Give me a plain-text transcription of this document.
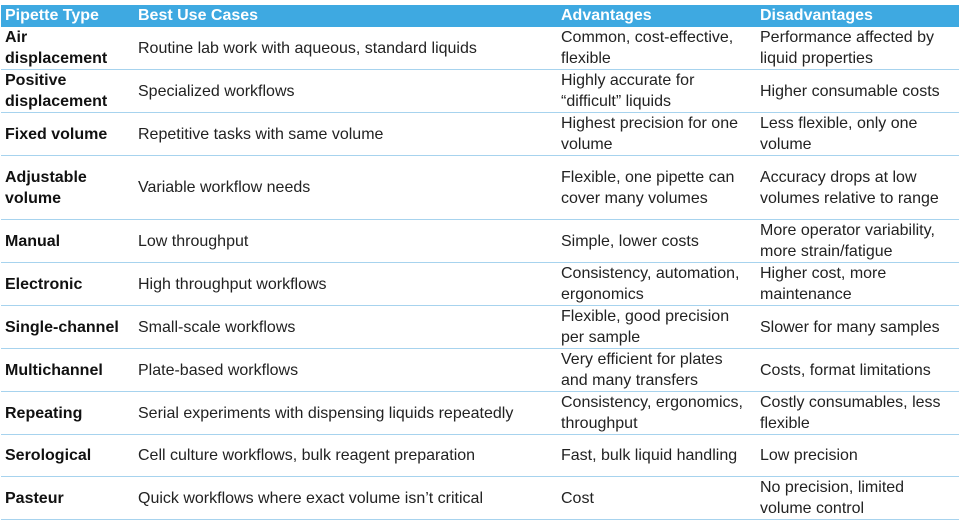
Pipette Type	Best Use Cases	Advantages	Disadvantages
Air displacement	Routine lab work with aqueous, standard liquids	Common, cost-effective, flexible	Performance affected by liquid properties
Positive displacement	Specialized workflows	Highly accurate for “difficult” liquids	Higher consumable costs
Fixed volume	Repetitive tasks with same volume	Highest precision for one volume	Less flexible, only one volume
Adjustable volume	Variable workflow needs	Flexible, one pipette can cover many volumes	Accuracy drops at low volumes relative to range
Manual	Low throughput	Simple, lower costs	More operator variability, more strain/fatigue
Electronic	High throughput workflows	Consistency, automation, ergonomics	Higher cost, more maintenance
Single-channel	Small-scale workflows	Flexible, good precision per sample	Slower for many samples
Multichannel	Plate-based workflows	Very efficient for plates and many transfers	Costs, format limitations
Repeating	Serial experiments with dispensing liquids repeatedly	Consistency, ergonomics, throughput	Costly consumables, less flexible
Serological	Cell culture workflows, bulk reagent preparation	Fast, bulk liquid handling	Low precision
Pasteur	Quick workflows where exact volume isn’t critical	Cost	No precision, limited volume control
